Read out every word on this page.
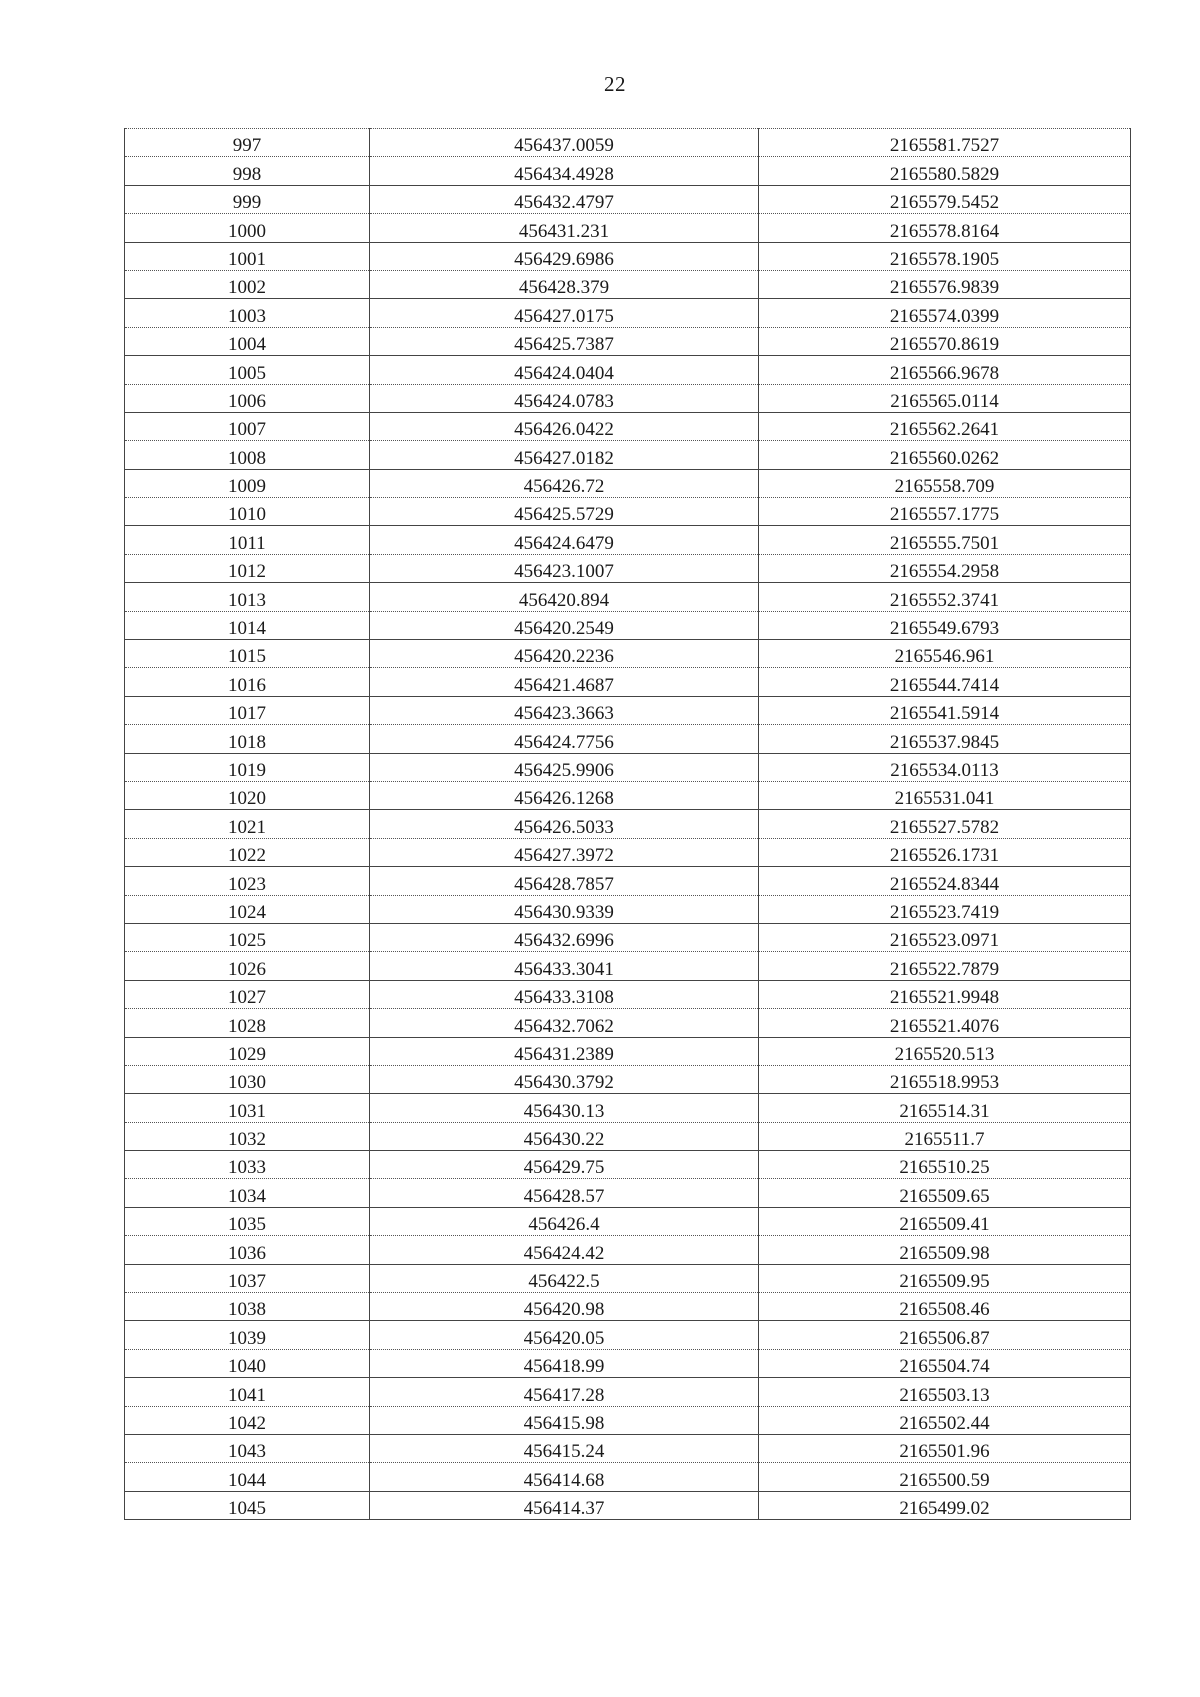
22
997	456437.0059	2165581.7527
998	456434.4928	2165580.5829
999	456432.4797	2165579.5452
1000	456431.231	2165578.8164
1001	456429.6986	2165578.1905
1002	456428.379	2165576.9839
1003	456427.0175	2165574.0399
1004	456425.7387	2165570.8619
1005	456424.0404	2165566.9678
1006	456424.0783	2165565.0114
1007	456426.0422	2165562.2641
1008	456427.0182	2165560.0262
1009	456426.72	2165558.709
1010	456425.5729	2165557.1775
1011	456424.6479	2165555.7501
1012	456423.1007	2165554.2958
1013	456420.894	2165552.3741
1014	456420.2549	2165549.6793
1015	456420.2236	2165546.961
1016	456421.4687	2165544.7414
1017	456423.3663	2165541.5914
1018	456424.7756	2165537.9845
1019	456425.9906	2165534.0113
1020	456426.1268	2165531.041
1021	456426.5033	2165527.5782
1022	456427.3972	2165526.1731
1023	456428.7857	2165524.8344
1024	456430.9339	2165523.7419
1025	456432.6996	2165523.0971
1026	456433.3041	2165522.7879
1027	456433.3108	2165521.9948
1028	456432.7062	2165521.4076
1029	456431.2389	2165520.513
1030	456430.3792	2165518.9953
1031	456430.13	2165514.31
1032	456430.22	2165511.7
1033	456429.75	2165510.25
1034	456428.57	2165509.65
1035	456426.4	2165509.41
1036	456424.42	2165509.98
1037	456422.5	2165509.95
1038	456420.98	2165508.46
1039	456420.05	2165506.87
1040	456418.99	2165504.74
1041	456417.28	2165503.13
1042	456415.98	2165502.44
1043	456415.24	2165501.96
1044	456414.68	2165500.59
1045	456414.37	2165499.02
